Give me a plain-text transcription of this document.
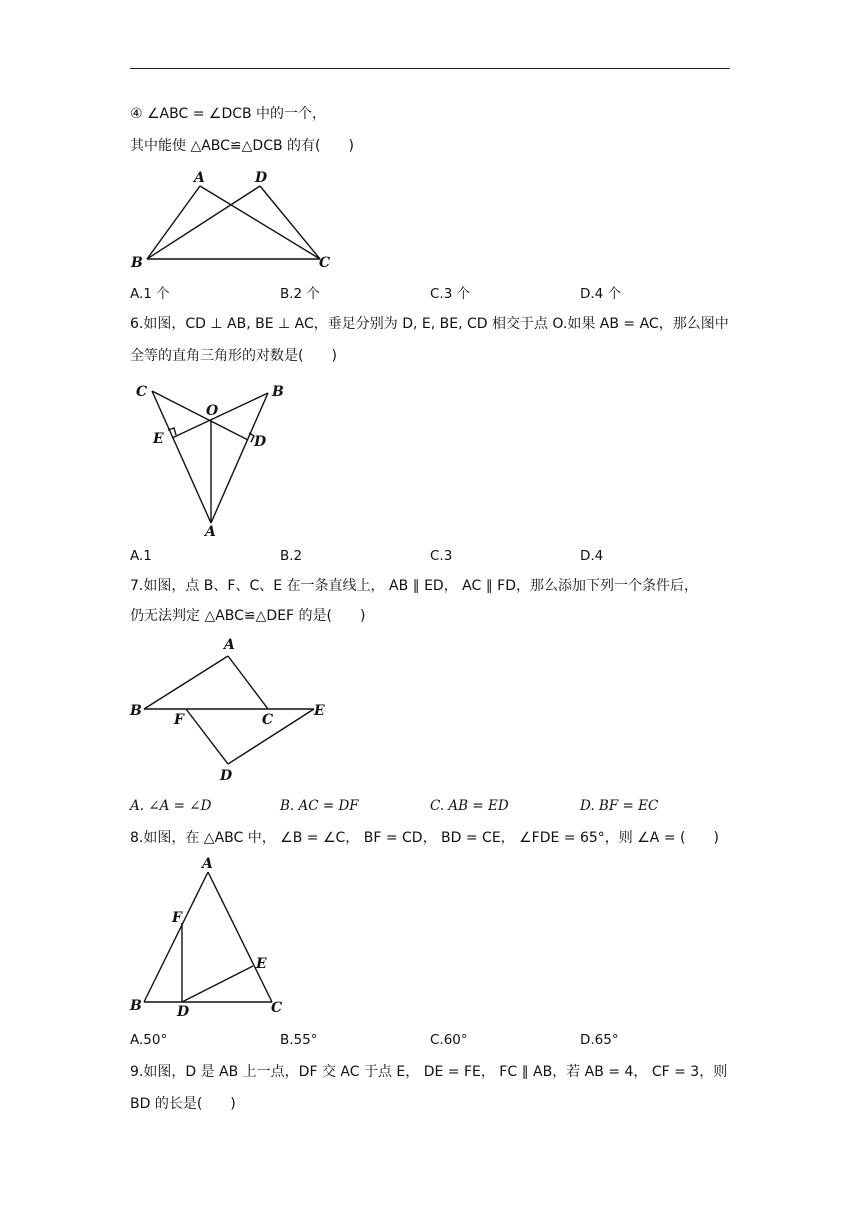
④ ∠ABC = ∠DCB 中的一个，
其中能使 △ABC≌△DCB 的有(　　)
A	D
B	C
A.1 个	B.2 个	C.3 个	D.4 个
6.如图，CD ⊥ AB, BE ⊥ AC，垂足分别为 D, E, BE, CD 相交于点 O.如果 AB = AC，那么图中
全等的直角三角形的对数是(　　)
C	B
O
E	D
A
A.1	B.2	C.3	D.4
7.如图，点 B、F、C、E 在一条直线上， AB ∥ ED， AC ∥ FD，那么添加下列一个条件后，
仍无法判定 △ABC≌△DEF 的是(　　)
A
B
F	C
E
D
A. ∠A = ∠D	B. AC = DF	C. AB = ED	D. BF = EC
8.如图，在 △ABC 中， ∠B = ∠C， BF = CD， BD = CE， ∠FDE = 65°，则 ∠A = (　　)
A
F
E
B	D	C
A.50°	B.55°	C.60°	D.65°
9.如图，D 是 AB 上一点，DF 交 AC 于点 E， DE = FE， FC ∥ AB，若 AB = 4， CF = 3，则
BD 的长是(　　)
